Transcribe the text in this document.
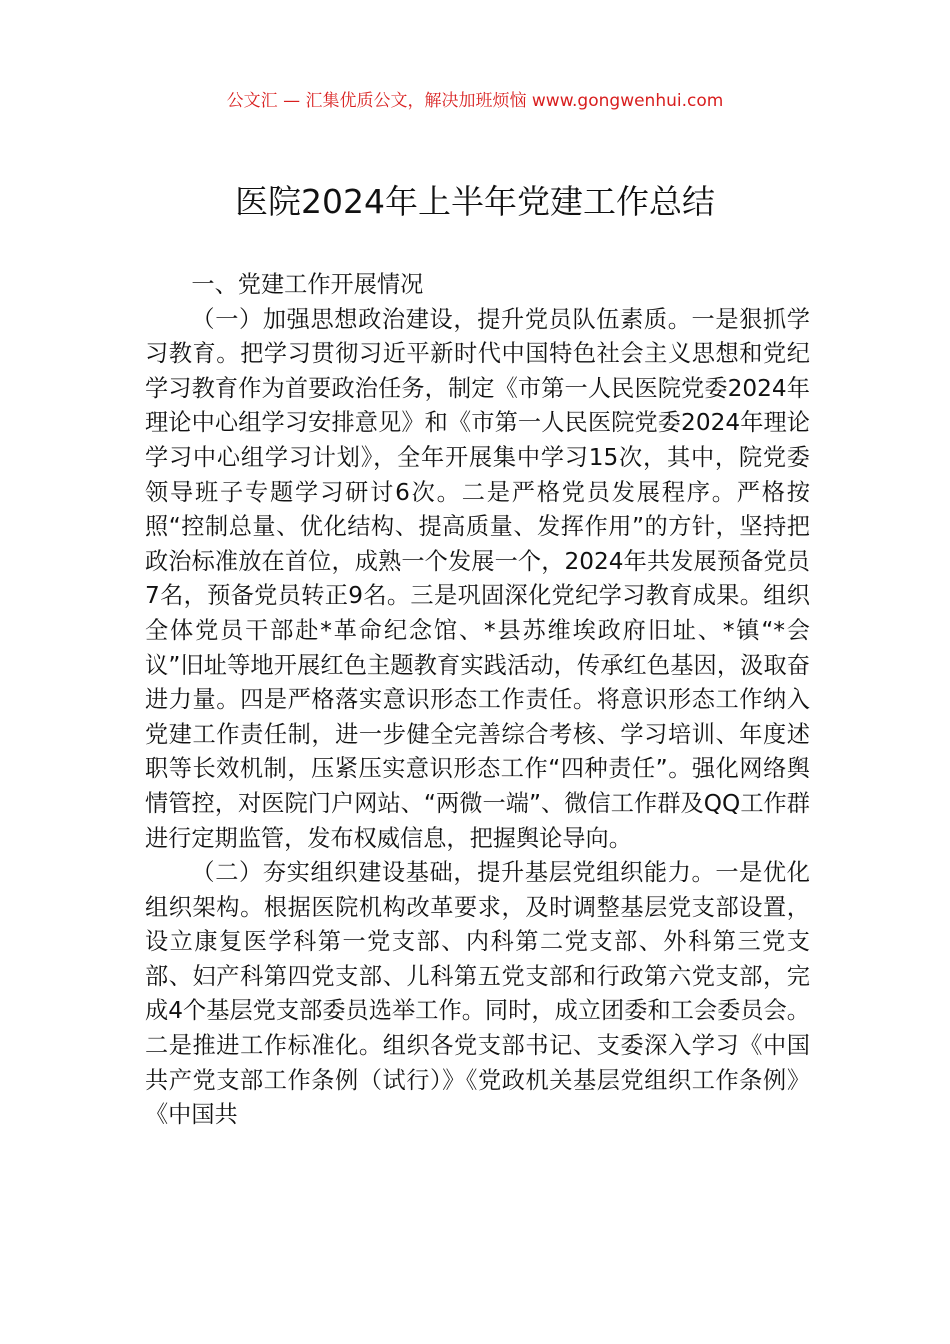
公文汇 — 汇集优质公文，解决加班烦恼 www.gongwenhui.com
医院2024年上半年党建工作总结

一、党建工作开展情况

（一）加强思想政治建设，提升党员队伍素质。一是狠抓学习教育。把学习贯彻习近平新时代中国特色社会主义思想和党纪学习教育作为首要政治任务，制定《市第一人民医院党委2024年理论中心组学习安排意见》和《市第一人民医院党委2024年理论学习中心组学习计划》，全年开展集中学习15次，其中，院党委领导班子专题学习研讨6次。二是严格党员发展程序。严格按照“控制总量、优化结构、提高质量、发挥作用”的方针，坚持把政治标准放在首位，成熟一个发展一个，2024年共发展预备党员7名，预备党员转正9名。三是巩固深化党纪学习教育成果。组织全体党员干部赴*革命纪念馆、*县苏维埃政府旧址、*镇“*会议”旧址等地开展红色主题教育实践活动，传承红色基因，汲取奋进力量。四是严格落实意识形态工作责任。将意识形态工作纳入党建工作责任制，进一步健全完善综合考核、学习培训、年度述职等长效机制，压紧压实意识形态工作“四种责任”。强化网络舆情管控，对医院门户网站、“两微一端”、微信工作群及QQ工作群进行定期监管，发布权威信息，把握舆论导向。

（二）夯实组织建设基础，提升基层党组织能力。一是优化组织架构。根据医院机构改革要求，及时调整基层党支部设置，设立康复医学科第一党支部、内科第二党支部、外科第三党支部、妇产科第四党支部、儿科第五党支部和行政第六党支部，完成4个基层党支部委员选举工作。同时，成立团委和工会委员会。二是推进工作标准化。组织各党支部书记、支委深入学习《中国共产党支部工作条例（试行）》《党政机关基层党组织工作条例》《中国共
